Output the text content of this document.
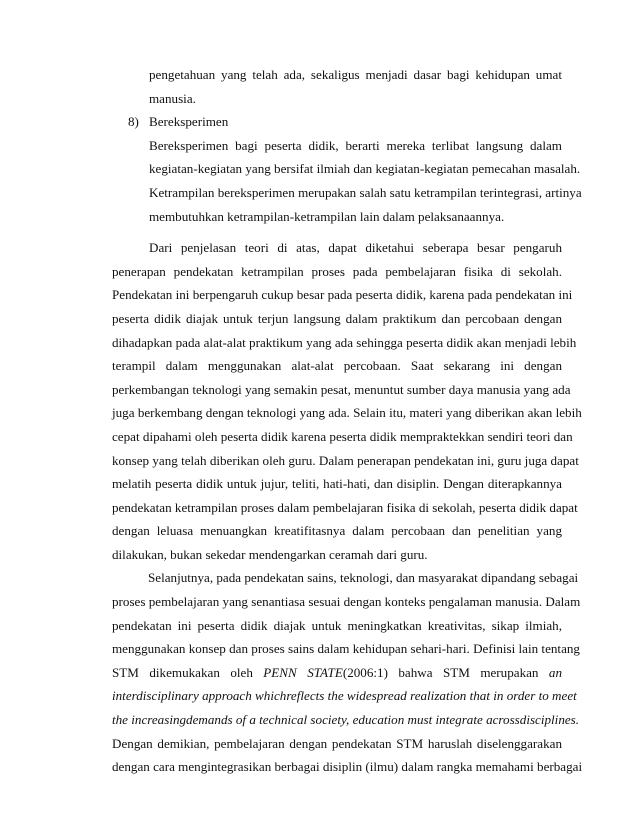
pengetahuan yang telah ada, sekaligus menjadi dasar bagi kehidupan umat
manusia.
8) Bereksperimen
Bereksperimen bagi peserta didik, berarti mereka terlibat langsung dalam
kegiatan-kegiatan yang bersifat ilmiah dan kegiatan-kegiatan pemecahan masalah.
Ketrampilan bereksperimen merupakan salah satu ketrampilan terintegrasi, artinya
membutuhkan ketrampilan-ketrampilan lain dalam pelaksanaannya.
Dari penjelasan teori di atas, dapat diketahui seberapa besar pengaruh
penerapan pendekatan ketrampilan proses pada pembelajaran fisika di sekolah.
Pendekatan ini berpengaruh cukup besar pada peserta didik, karena pada pendekatan ini
peserta didik diajak untuk terjun langsung dalam praktikum dan percobaan dengan
dihadapkan pada alat-alat praktikum yang ada sehingga peserta didik akan menjadi lebih
terampil dalam menggunakan alat-alat percobaan. Saat sekarang ini dengan
perkembangan teknologi yang semakin pesat, menuntut sumber daya manusia yang ada
juga berkembang dengan teknologi yang ada. Selain itu, materi yang diberikan akan lebih
cepat dipahami oleh peserta didik karena peserta didik mempraktekkan sendiri teori dan
konsep yang telah diberikan oleh guru. Dalam penerapan pendekatan ini, guru juga dapat
melatih peserta didik untuk jujur, teliti, hati-hati, dan disiplin. Dengan diterapkannya
pendekatan ketrampilan proses dalam pembelajaran fisika di sekolah, peserta didik dapat
dengan leluasa menuangkan kreatifitasnya dalam percobaan dan penelitian yang
dilakukan, bukan sekedar mendengarkan ceramah dari guru.
Selanjutnya, pada pendekatan sains, teknologi, dan masyarakat dipandang sebagai
proses pembelajaran yang senantiasa sesuai dengan konteks pengalaman manusia. Dalam
pendekatan ini peserta didik diajak untuk meningkatkan kreativitas, sikap ilmiah,
menggunakan konsep dan proses sains dalam kehidupan sehari-hari. Definisi lain tentang
STM dikemukakan oleh PENN STATE(2006:1) bahwa STM merupakan an
interdisciplinary approach whichreflects the widespread realization that in order to meet
the increasingdemands of a technical society, education must integrate acrossdisciplines.
Dengan demikian, pembelajaran dengan pendekatan STM haruslah diselenggarakan
dengan cara mengintegrasikan berbagai disiplin (ilmu) dalam rangka memahami berbagai
